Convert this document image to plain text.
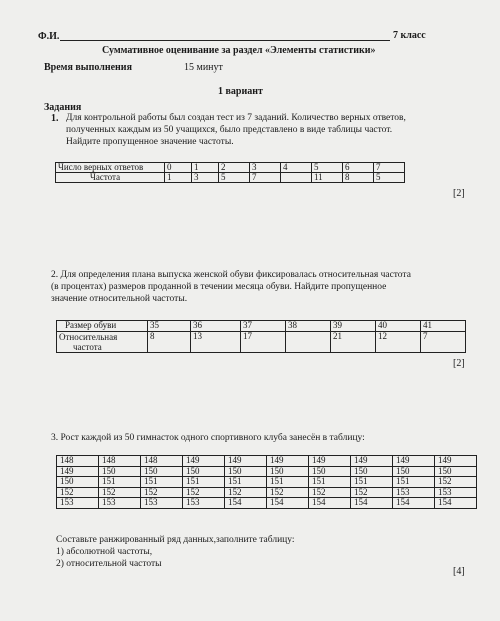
Ф.И.	7 класс
Суммативное оценивание за раздел «Элементы статистики»
Время выполнения	15 минут
1 вариант
Задания
1. Для контрольной работы был создан тест из 7 заданий. Количество верных ответов,
полученных каждым из 50 учащихся, было представлено в виде таблицы частот.
Найдите пропущенное значение частоты.
Число верных ответов	0	1	2	3	4	5	6	7
Частота	1	3	5	7		11	8	5
[2]
2. Для определения плана выпуска женской обуви фиксировалась относительная частота
(в процентах) размеров проданной в течении месяца обуви. Найдите пропущенное
значение относительной частоты.
Размер обуви	35	36	37	38	39	40	41
Относительная
частота	8	13	17		21	12	7
[2]
3. Рост каждой из 50 гимнасток одного спортивного клуба занесён в таблицу:
148	148	148	149	149	149	149	149	149	149
149	150	150	150	150	150	150	150	150	150
150	151	151	151	151	151	151	151	151	152
152	152	152	152	152	152	152	152	153	153
153	153	153	153	154	154	154	154	154	154
Составьте ранжированный ряд данных,заполните таблицу:
1) абсолютной частоты,
2) относительной частоты
[4]
